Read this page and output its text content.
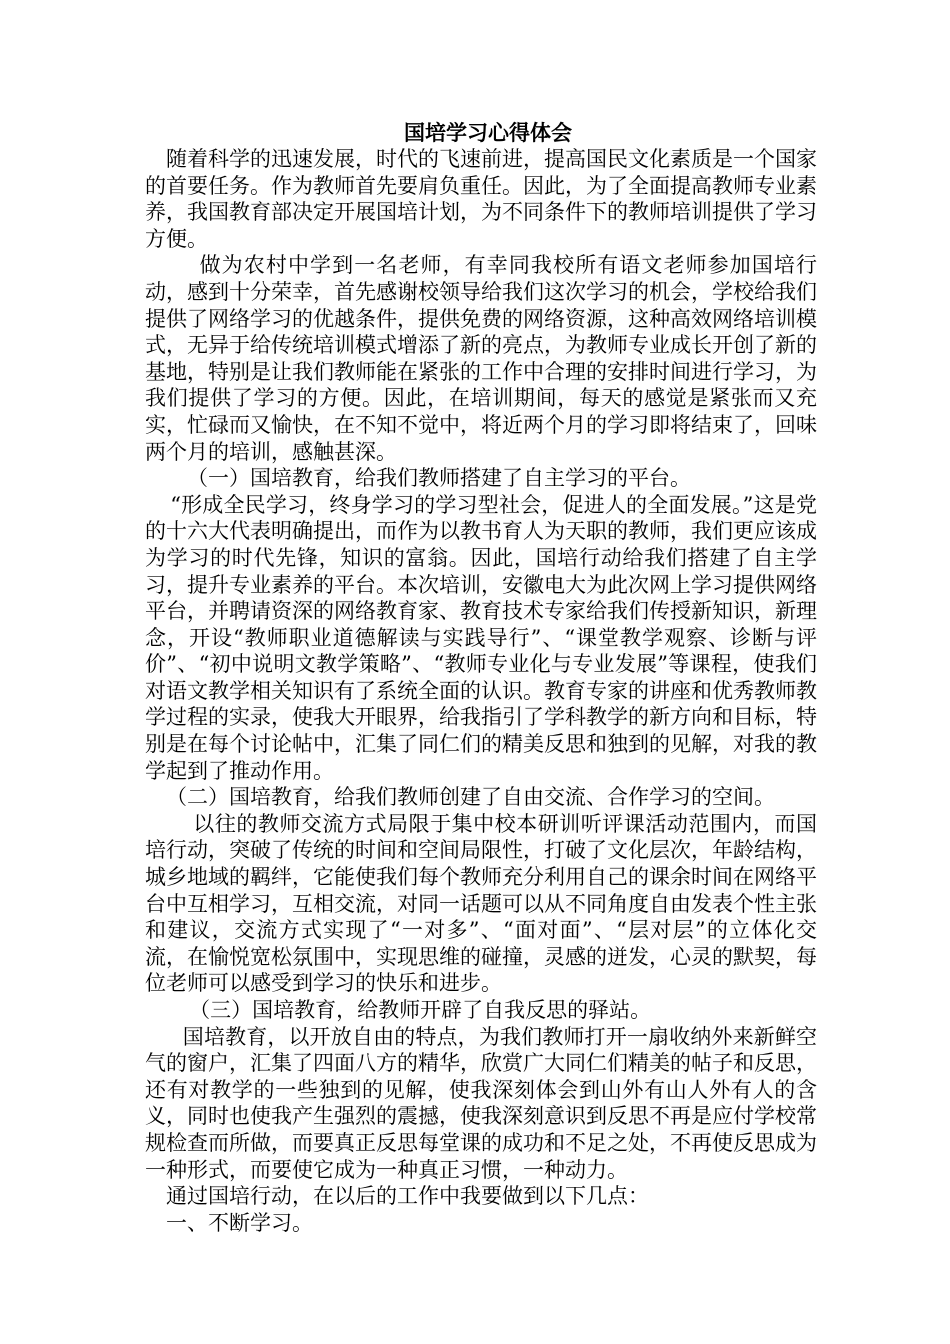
国培学习心得体会

随着科学的迅速发展，时代的飞速前进，提高国民文化素质是一个国家的首要任务。作为教师首先要肩负重任。因此，为了全面提高教师专业素养，我国教育部决定开展国培计划，为不同条件下的教师培训提供了学习方便。

做为农村中学到一名老师，有幸同我校所有语文老师参加国培行动，感到十分荣幸，首先感谢校领导给我们这次学习的机会，学校给我们提供了网络学习的优越条件，提供免费的网络资源，这种高效网络培训模式，无异于给传统培训模式增添了新的亮点，为教师专业成长开创了新的基地，特别是让我们教师能在紧张的工作中合理的安排时间进行学习，为我们提供了学习的方便。因此，在培训期间，每天的感觉是紧张而又充实，忙碌而又愉快，在不知不觉中，将近两个月的学习即将结束了，回味两个月的培训，感触甚深。

（一）国培教育，给我们教师搭建了自主学习的平台。

“形成全民学习，终身学习的学习型社会，促进人的全面发展。”这是党的十六大代表明确提出，而作为以教书育人为天职的教师，我们更应该成为学习的时代先锋，知识的富翁。因此，国培行动给我们搭建了自主学习，提升专业素养的平台。本次培训，安徽电大为此次网上学习提供网络平台，并聘请资深的网络教育家、教育技术专家给我们传授新知识，新理念，开设“教师职业道德解读与实践导行”、“课堂教学观察、诊断与评价”、“初中说明文教学策略”、“教师专业化与专业发展”等课程，使我们对语文教学相关知识有了系统全面的认识。教育专家的讲座和优秀教师教学过程的实录，使我大开眼界，给我指引了学科教学的新方向和目标，特别是在每个讨论帖中，汇集了同仁们的精美反思和独到的见解，对我的教学起到了推动作用。

（二）国培教育，给我们教师创建了自由交流、合作学习的空间。

以往的教师交流方式局限于集中校本研训听评课活动范围内，而国培行动，突破了传统的时间和空间局限性，打破了文化层次，年龄结构，城乡地域的羁绊，它能使我们每个教师充分利用自己的课余时间在网络平台中互相学习，互相交流，对同一话题可以从不同角度自由发表个性主张和建议，交流方式实现了“一对多”、“面对面”、“层对层”的立体化交流，在愉悦宽松氛围中，实现思维的碰撞，灵感的迸发，心灵的默契，每位老师可以感受到学习的快乐和进步。

（三）国培教育，给教师开辟了自我反思的驿站。

国培教育，以开放自由的特点，为我们教师打开一扇收纳外来新鲜空气的窗户，汇集了四面八方的精华，欣赏广大同仁们精美的帖子和反思，还有对教学的一些独到的见解，使我深刻体会到山外有山人外有人的含义，同时也使我产生强烈的震撼，使我深刻意识到反思不再是应付学校常规检查而所做，而要真正反思每堂课的成功和不足之处，不再使反思成为一种形式，而要使它成为一种真正习惯，一种动力。

通过国培行动，在以后的工作中我要做到以下几点：

一、不断学习。
